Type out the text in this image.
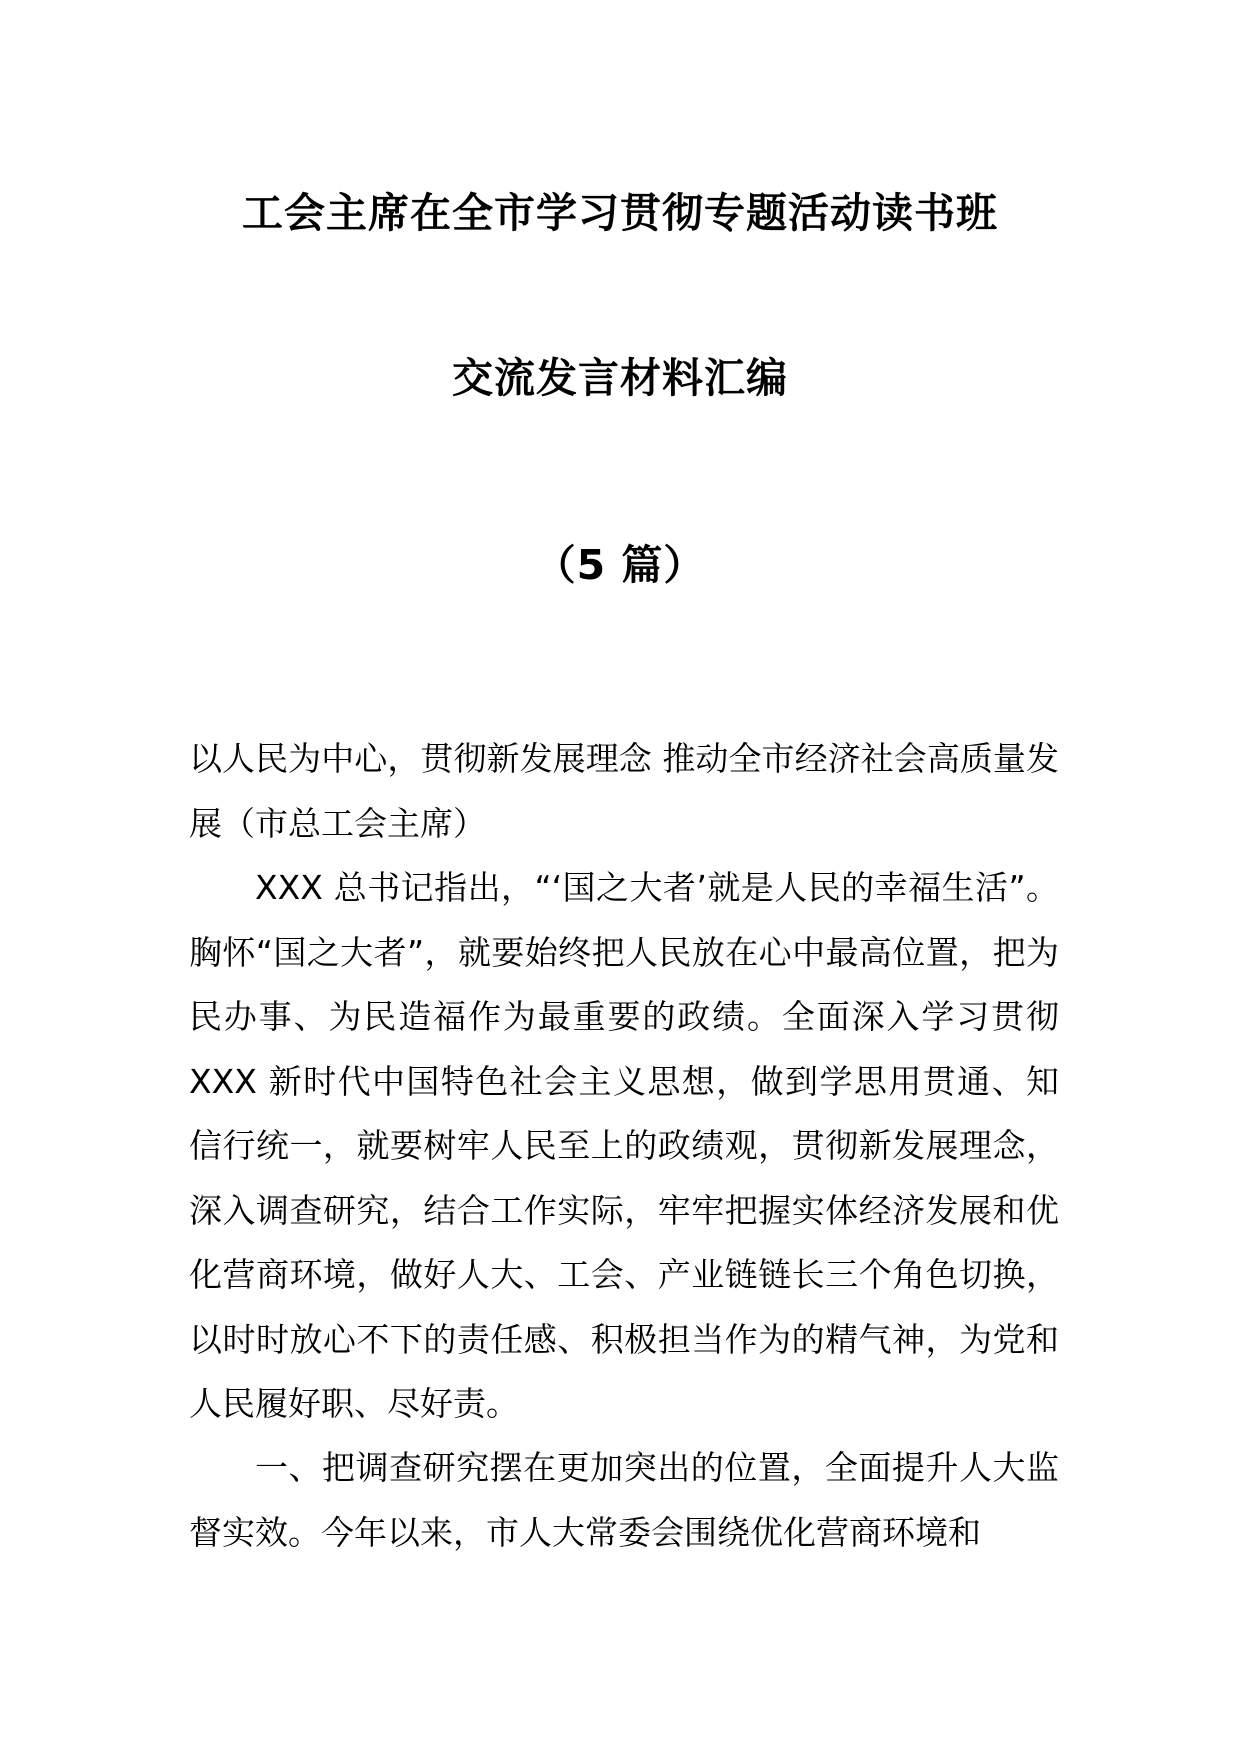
工会主席在全市学习贯彻专题活动读书班
交流发言材料汇编
（5 篇）
以人民为中心，贯彻新发展理念 推动全市经济社会高质量发展（市总工会主席）

XXX 总书记指出，“‘国之大者’就是人民的幸福生活”。胸怀“国之大者”，就要始终把人民放在心中最高位置，把为民办事、为民造福作为最重要的政绩。全面深入学习贯彻 XXX 新时代中国特色社会主义思想，做到学思用贯通、知信行统一，就要树牢人民至上的政绩观，贯彻新发展理念，深入调查研究，结合工作实际，牢牢把握实体经济发展和优化营商环境，做好人大、工会、产业链链长三个角色切换，以时时放心不下的责任感、积极担当作为的精气神，为党和人民履好职、尽好责。

一、把调查研究摆在更加突出的位置，全面提升人大监督实效。今年以来，市人大常委会围绕优化营商环境和
